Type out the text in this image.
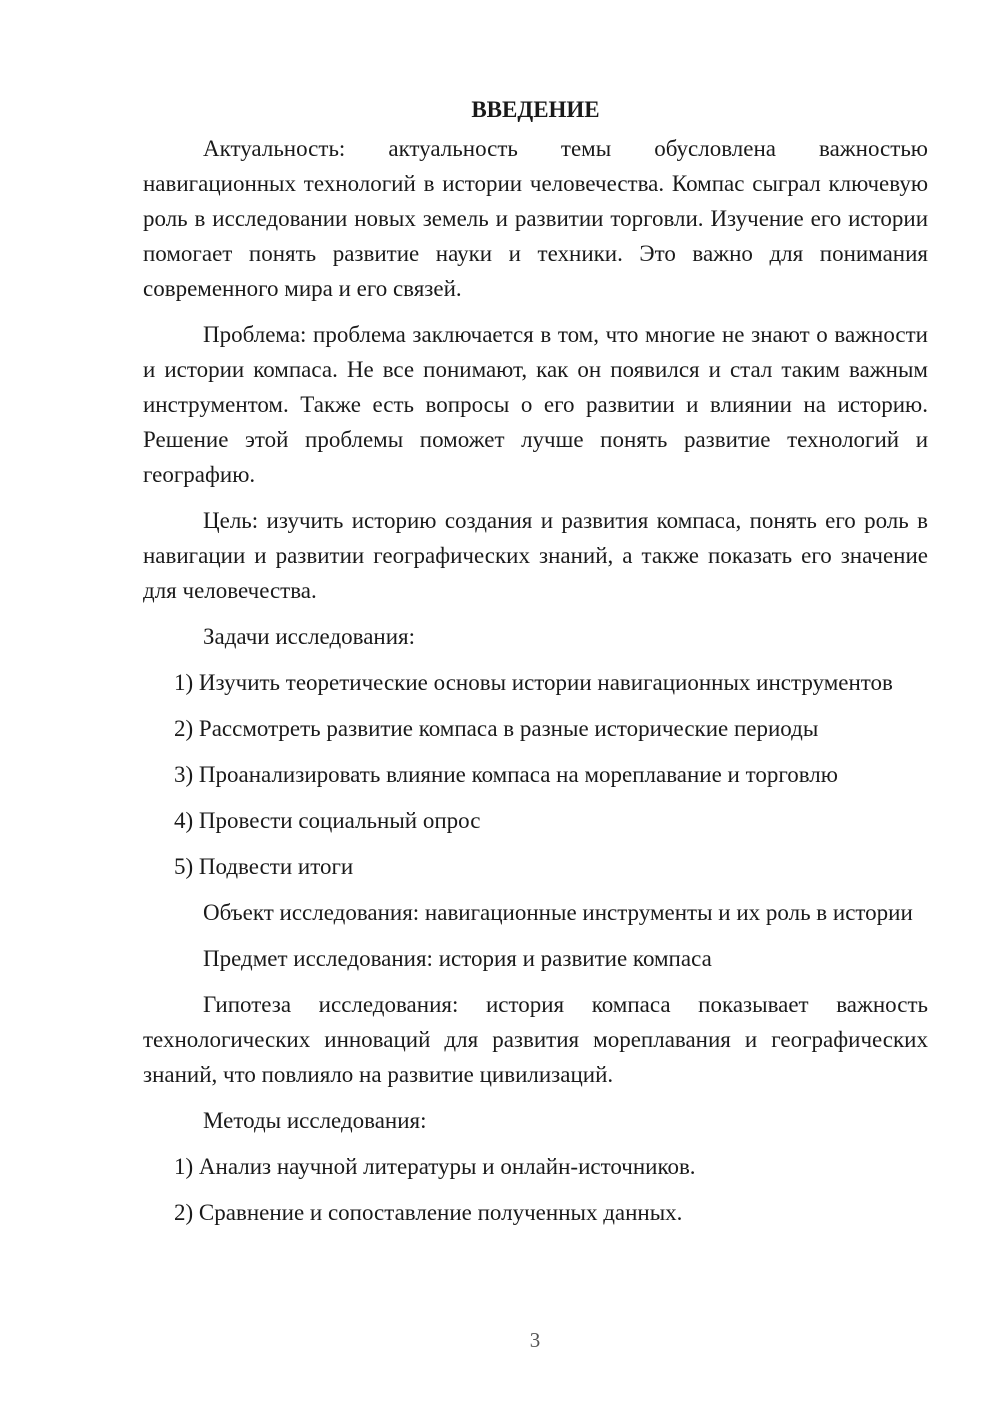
ВВЕДЕНИЕ

Актуальность: актуальность темы обусловлена важностью навигационных технологий в истории человечества. Компас сыграл ключевую роль в исследовании новых земель и развитии торговли. Изучение его истории помогает понять развитие науки и техники. Это важно для понимания современного мира и его связей.

Проблема: проблема заключается в том, что многие не знают о важности и истории компаса. Не все понимают, как он появился и стал таким важным инструментом. Также есть вопросы о его развитии и влиянии на историю. Решение этой проблемы поможет лучше понять развитие технологий и географию.

Цель: изучить историю создания и развития компаса, понять его роль в навигации и развитии географических знаний, а также показать его значение для человечества.

Задачи исследования:

1) Изучить теоретические основы истории навигационных инструментов

2) Рассмотреть развитие компаса в разные исторические периоды

3) Проанализировать влияние компаса на мореплавание и торговлю

4) Провести социальный опрос

5) Подвести итоги

Объект исследования: навигационные инструменты и их роль в истории

Предмет исследования: история и развитие компаса

Гипотеза исследования: история компаса показывает важность технологических инноваций для развития мореплавания и географических знаний, что повлияло на развитие цивилизаций.

Методы исследования:

1) Анализ научной литературы и онлайн-источников.

2) Сравнение и сопоставление полученных данных.

3
